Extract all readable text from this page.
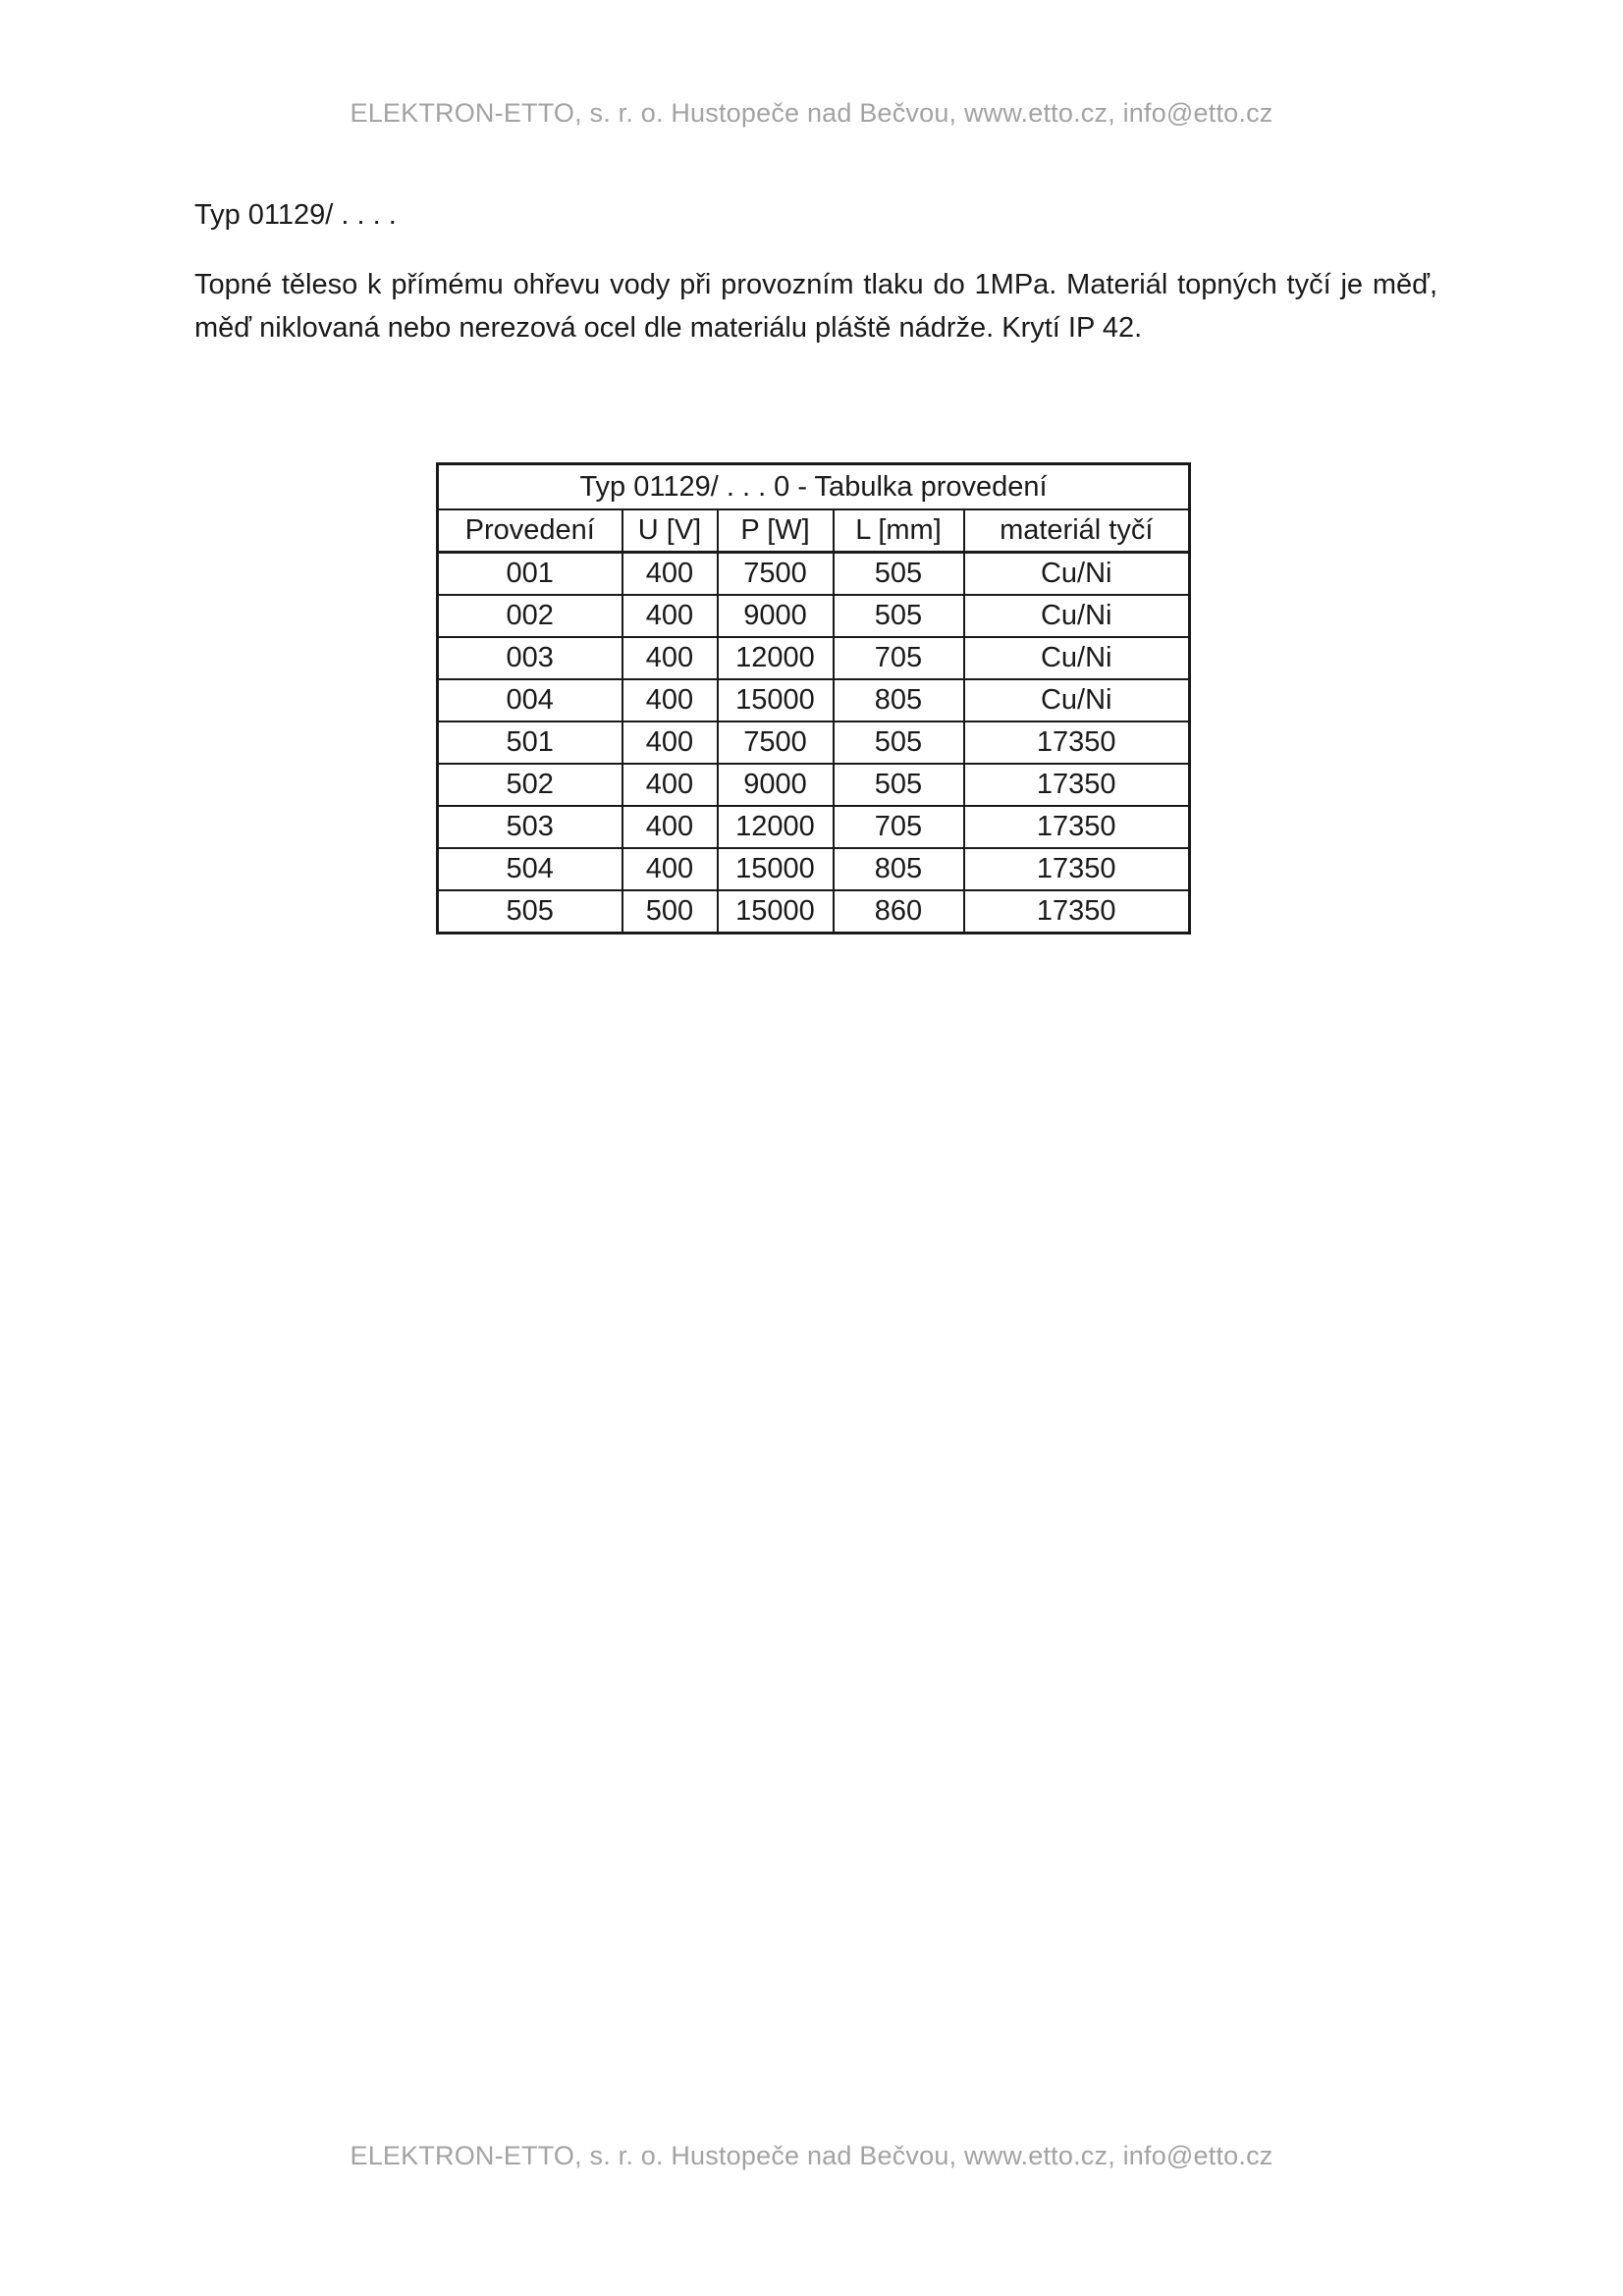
ELEKTRON-ETTO, s. r. o. Hustopeče nad Bečvou, www.etto.cz, info@etto.cz
Typ 01129/ . . . .
Topné těleso k přímému ohřevu vody při provozním tlaku do 1MPa. Materiál topných tyčí je měď, měď niklovaná nebo nerezová ocel dle materiálu pláště nádrže. Krytí IP 42.
Typ 01129/ . . . 0 - Tabulka provedení				
Provedení	U [V]	P [W]	L [mm]	materiál tyčí
001	400	7500	505	Cu/Ni
002	400	9000	505	Cu/Ni
003	400	12000	705	Cu/Ni
004	400	15000	805	Cu/Ni
501	400	7500	505	17350
502	400	9000	505	17350
503	400	12000	705	17350
504	400	15000	805	17350
505	500	15000	860	17350
ELEKTRON-ETTO, s. r. o. Hustopeče nad Bečvou, www.etto.cz, info@etto.cz
